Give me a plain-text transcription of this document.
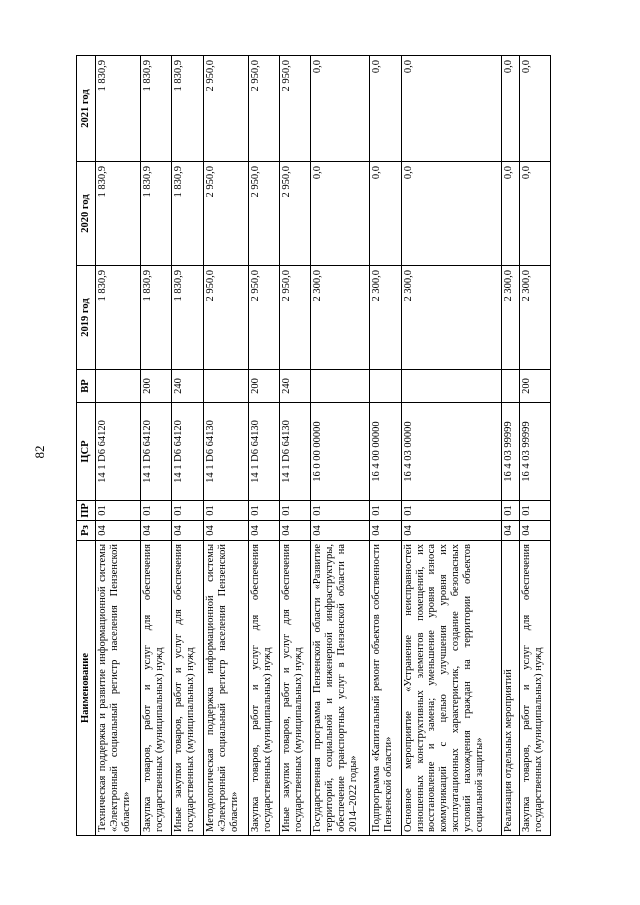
82
Наименование	Рз	ПР	ЦСР	ВР	2019 год	2020 год	2021 год
Техническая поддержка и развитие информационной системы «Электронный социальный регистр населения Пензенской области»	04	01	14 1 D6 64120		1 830,9	1 830,9	1 830,9
Закупка товаров, работ и услуг для обеспечения государственных (муниципальных) нужд	04	01	14 1 D6 64120	200	1 830,9	1 830,9	1 830,9
Иные закупки товаров, работ и услуг для обеспечения государственных (муниципальных) нужд	04	01	14 1 D6 64120	240	1 830,9	1 830,9	1 830,9
Методологическая поддержка информационной системы «Электронный социальный регистр населения Пензенской области»	04	01	14 1 D6 64130		2 950,0	2 950,0	2 950,0
Закупка товаров, работ и услуг для обеспечения государственных (муниципальных) нужд	04	01	14 1 D6 64130	200	2 950,0	2 950,0	2 950,0
Иные закупки товаров, работ и услуг для обеспечения государственных (муниципальных) нужд	04	01	14 1 D6 64130	240	2 950,0	2 950,0	2 950,0
Государственная программа Пензенской области «Развитие территорий, социальной и инженерной инфраструктуры, обеспечение транспортных услуг в Пензенской области на 2014–2022 годы»	04	01	16 0 00 00000		2 300,0	0,0	0,0
Подпрограмма «Капитальный ремонт объектов собственности Пензенской области»	04	01	16 4 00 00000		2 300,0	0,0	0,0
Основное мероприятие «Устранение неисправностей изношенных конструктивных элементов помещений, их восстановление и замена; уменьшение уровня износа коммуникаций с целью улучшения уровня их эксплуатационных характеристик, создание безопасных условий нахождения граждан на территории объектов социальной защиты»	04	01	16 4 03 00000		2 300,0	0,0	0,0
Реализация отдельных мероприятий	04	01	16 4 03 99999		2 300,0	0,0	0,0
Закупка товаров, работ и услуг для обеспечения государственных (муниципальных) нужд	04	01	16 4 03 99999	200	2 300,0	0,0	0,0
